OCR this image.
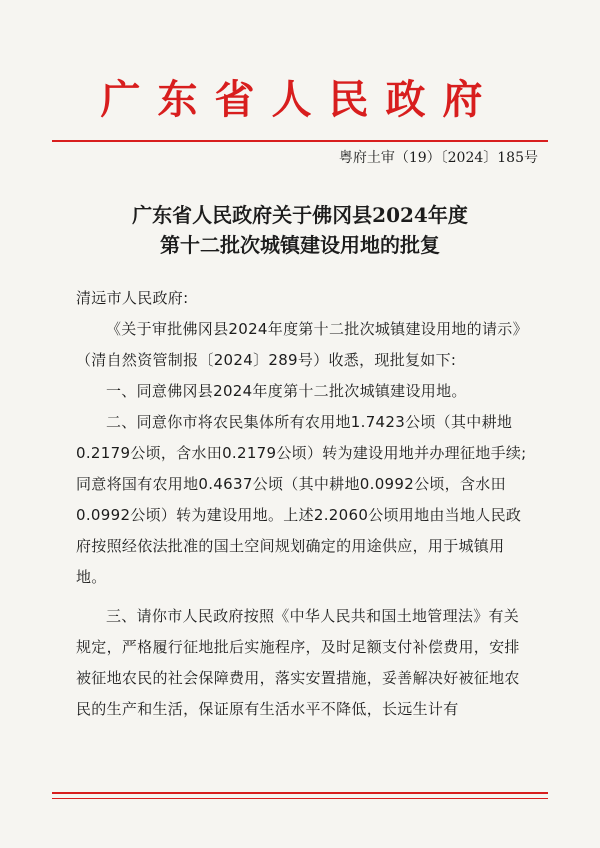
广东省人民政府
粤府土审（19）〔2024〕185号
广东省人民政府关于佛冈县2024年度
第十二批次城镇建设用地的批复

清远市人民政府:

《关于审批佛冈县2024年度第十二批次城镇建设用地的请示》（清自然资管制报〔2024〕289号）收悉，现批复如下:

一、同意佛冈县2024年度第十二批次城镇建设用地。

二、同意你市将农民集体所有农用地1.7423公顷（其中耕地0.2179公顷，含水田0.2179公顷）转为建设用地并办理征地手续;同意将国有农用地0.4637公顷（其中耕地0.0992公顷，含水田0.0992公顷）转为建设用地。上述2.2060公顷用地由当地人民政府按照经依法批准的国土空间规划确定的用途供应，用于城镇用地。

三、请你市人民政府按照《中华人民共和国土地管理法》有关规定，严格履行征地批后实施程序，及时足额支付补偿费用，安排被征地农民的社会保障费用，落实安置措施，妥善解决好被征地农民的生产和生活，保证原有生活水平不降低，长远生计有
